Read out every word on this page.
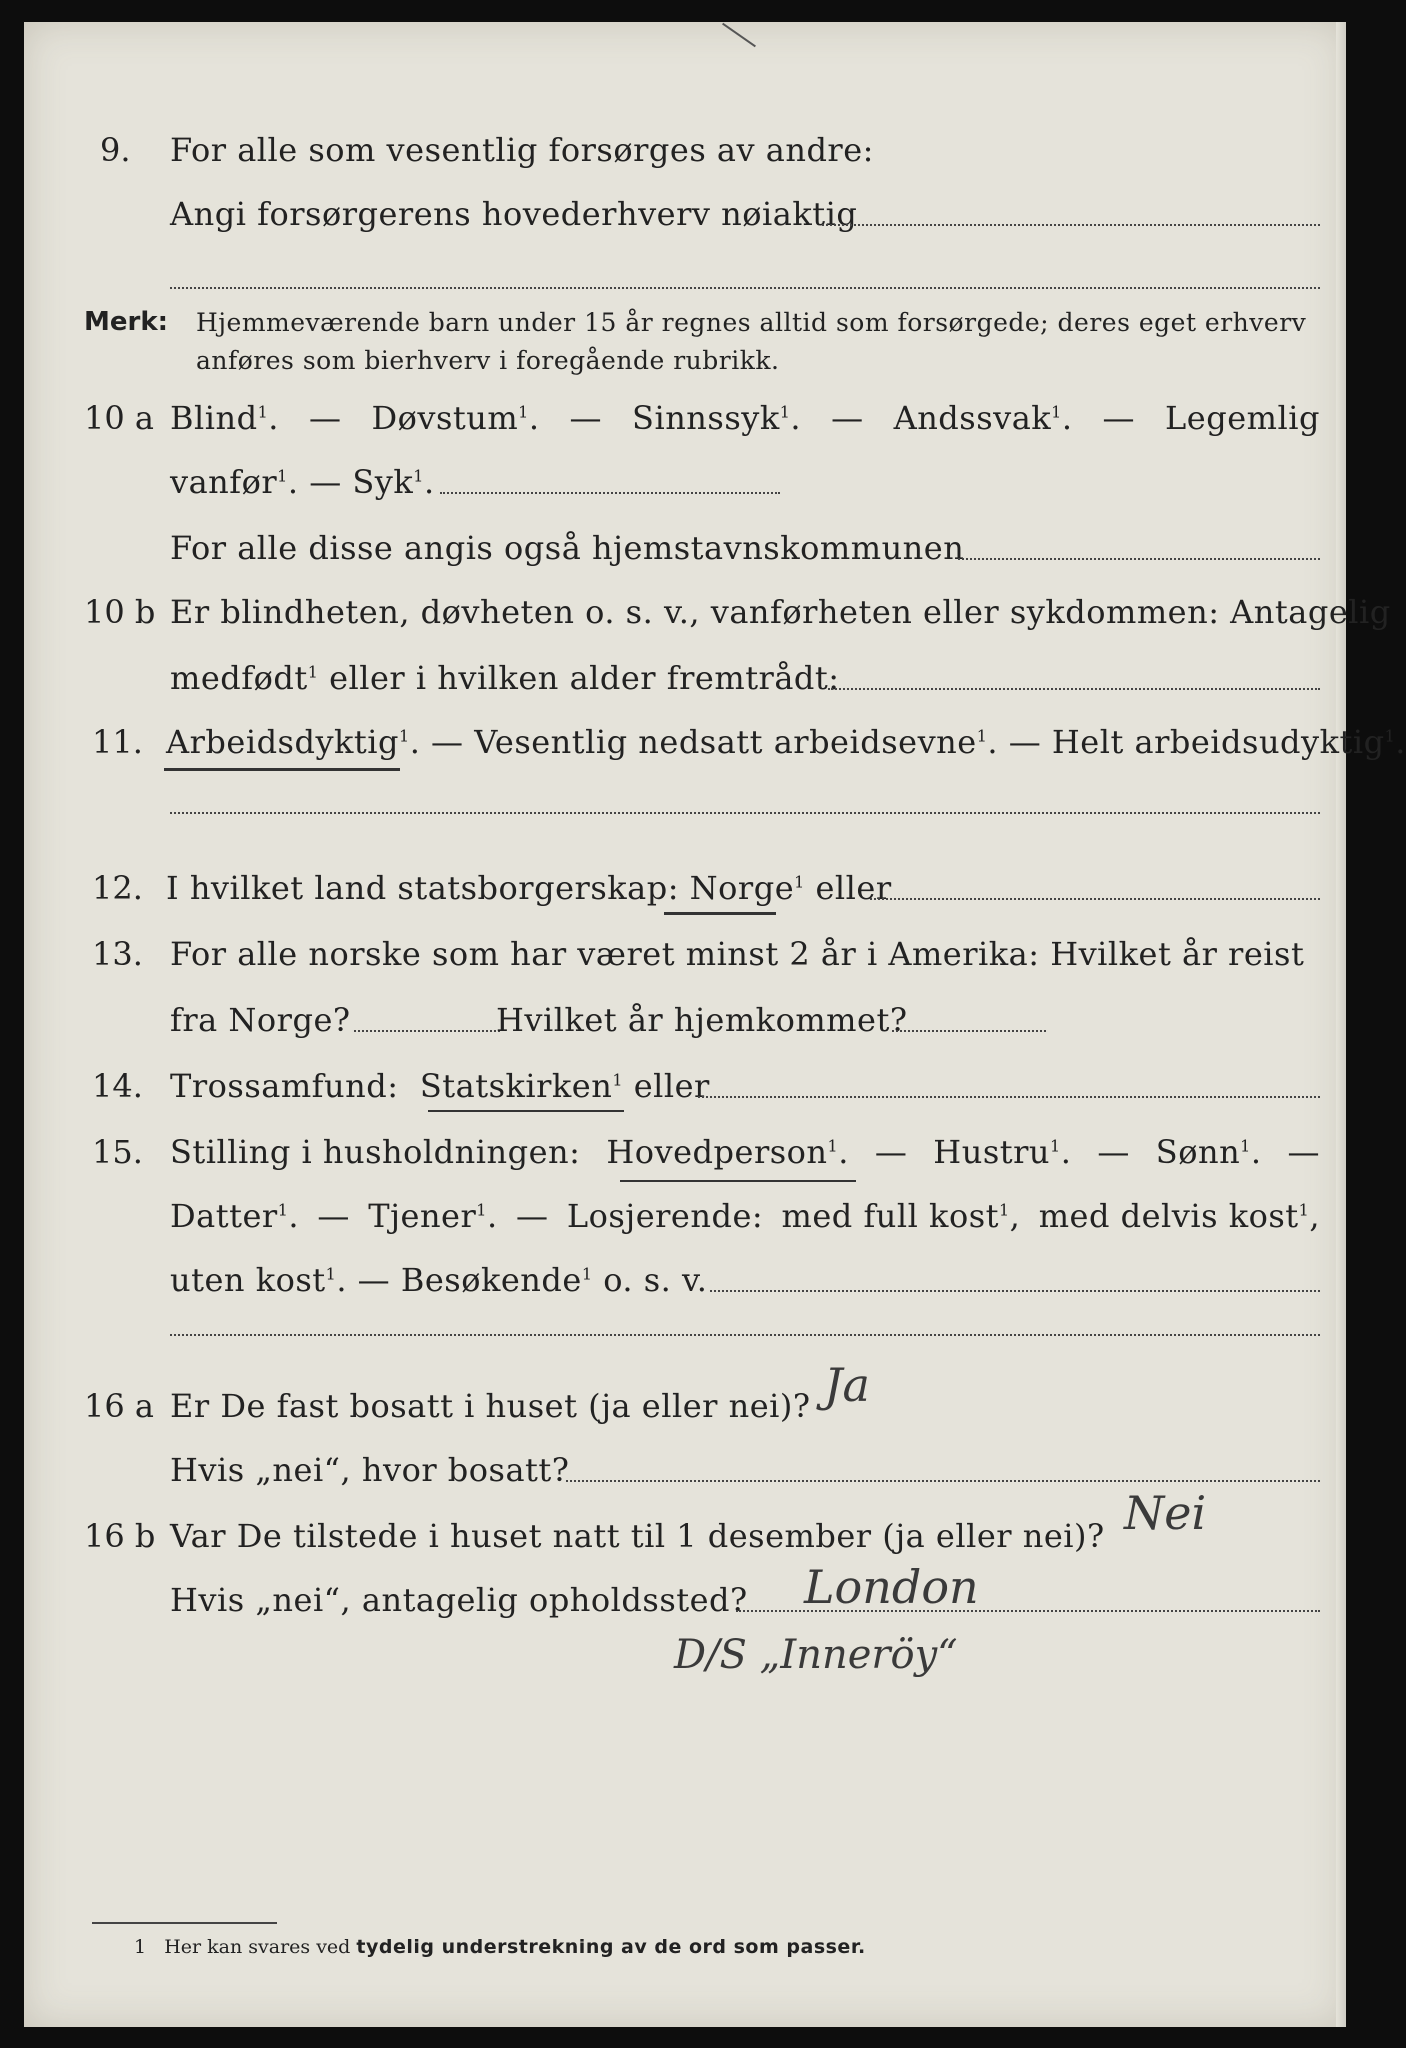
9. For alle som vesentlig forsørges av andre:
Angi forsørgerens hovederhverv nøiaktig
Merk: Hjemmeværende barn under 15 år regnes alltid som forsørgede; deres eget erhverv
anføres som bierhverv i foregående rubrikk.
10 a Blind$^1$. — Døvstum$^1$. — Sinnssyk$^1$. — Andssvak$^1$. — Legemlig
vanfør$^1$. — Syk$^1$.
For alle disse angis også hjemstavnskommunen
10 b Er blindheten, døvheten o. s. v., vanførheten eller sykdommen: Antagelig
medfødt$^1$ eller i hvilken alder fremtrådt:
11. Arbeidsdyktig$^1$. — Vesentlig nedsatt arbeidsevne$^1$. — Helt arbeidsudyktig$^1$.
12. I hvilket land statsborgerskap: Norge$^1$ eller
13. For alle norske som har været minst 2 år i Amerika: Hvilket år reist
fra Norge?	Hvilket år hjemkommet?
14. Trossamfund: Statskirken$^1$ eller
15. Stilling i husholdningen: Hovedperson$^1$. — Hustru$^1$. — Sønn$^1$. —
Datter$^1$. — Tjener$^1$. — Losjerende: med full kost$^1$, med delvis kost$^1$,
uten kost$^1$. — Besøkende$^1$ o. s. v.
16 a Er De fast bosatt i huset (ja eller nei)? Ja
Hvis „nei“, hvor bosatt?
16 b Var De tilstede i huset natt til 1 desember (ja eller nei)? Nei
Hvis „nei“, antagelig opholdssted? London
D/S „Inneröy“
1 Her kan svares ved tydelig understrekning av de ord som passer.
